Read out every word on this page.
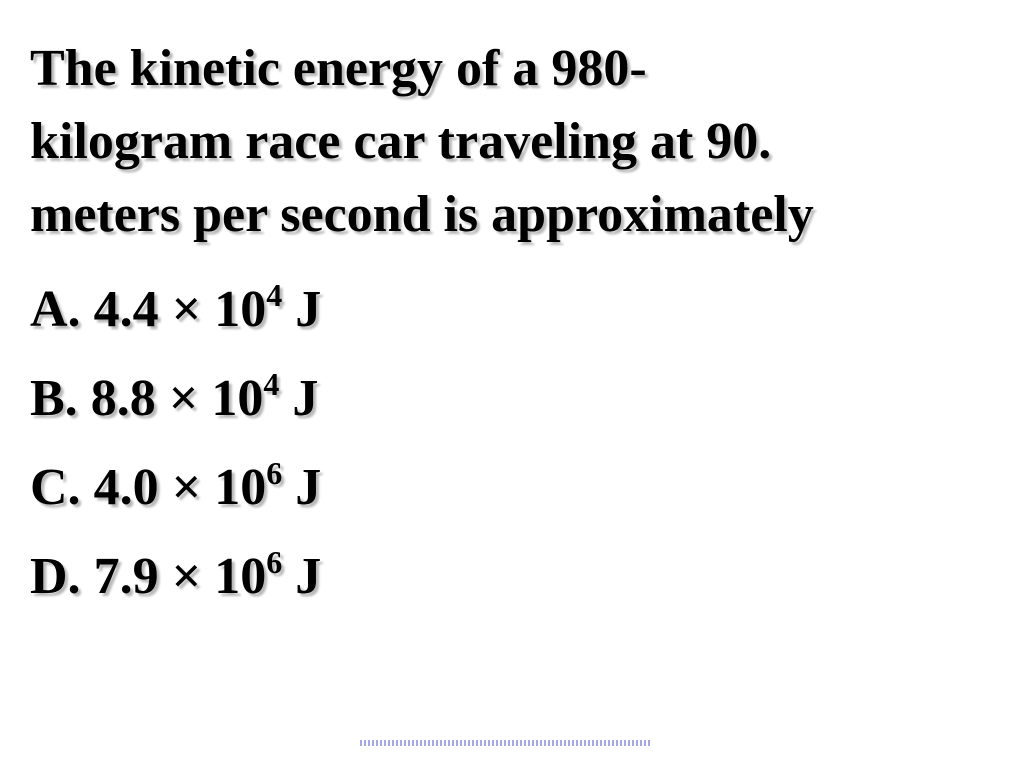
The kinetic energy of a 980-
kilogram race car traveling at 90.
meters per second is approximately
A. $4.4 \times 10^4$ J
B. $8.8 \times 10^4$ J
C. $4.0 \times 10^6$ J
D. $7.9 \times 10^6$ J
